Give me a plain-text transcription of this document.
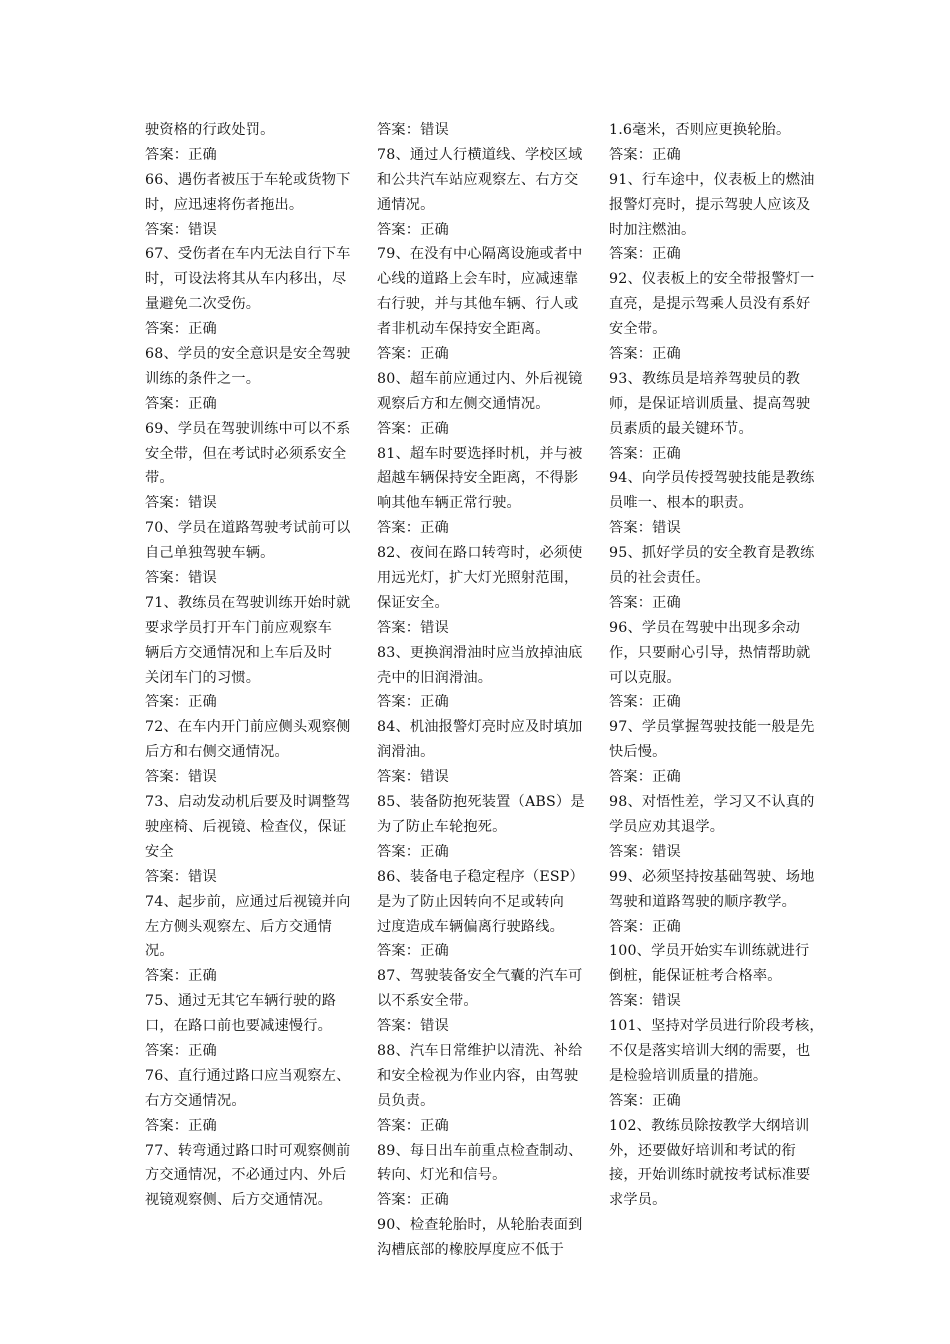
驶资格的行政处罚。
答案：正确
66、遇伤者被压于车轮或货物下
时，应迅速将伤者拖出。
答案：错误
67、受伤者在车内无法自行下车
时，可设法将其从车内移出，尽
量避免二次受伤。
答案：正确
68、学员的安全意识是安全驾驶
训练的条件之一。
答案：正确
69、学员在驾驶训练中可以不系
安全带，但在考试时必须系安全
带。
答案：错误
70、学员在道路驾驶考试前可以
自己单独驾驶车辆。
答案：错误
71、教练员在驾驶训练开始时就
要求学员打开车门前应观察车
辆后方交通情况和上车后及时
关闭车门的习惯。
答案：正确
72、在车内开门前应侧头观察侧
后方和右侧交通情况。
答案：错误
73、启动发动机后要及时调整驾
驶座椅、后视镜、检查仪，保证
安全
答案：错误
74、起步前，应通过后视镜并向
左方侧头观察左、后方交通情
况。
答案：正确
75、通过无其它车辆行驶的路
口，在路口前也要减速慢行。
答案：正确
76、直行通过路口应当观察左、
右方交通情况。
答案：正确
77、转弯通过路口时可观察侧前
方交通情况，不必通过内、外后
视镜观察侧、后方交通情况。
答案：错误
78、通过人行横道线、学校区域
和公共汽车站应观察左、右方交
通情况。
答案：正确
79、在没有中心隔离设施或者中
心线的道路上会车时，应减速靠
右行驶，并与其他车辆、行人或
者非机动车保持安全距离。
答案：正确
80、超车前应通过内、外后视镜
观察后方和左侧交通情况。
答案：正确
81、超车时要选择时机，并与被
超越车辆保持安全距离，不得影
响其他车辆正常行驶。
答案：正确
82、夜间在路口转弯时，必须使
用远光灯，扩大灯光照射范围，
保证安全。
答案：错误
83、更换润滑油时应当放掉油底
壳中的旧润滑油。
答案：正确
84、机油报警灯亮时应及时填加
润滑油。
答案：错误
85、装备防抱死装置（ABS）是
为了防止车轮抱死。
答案：正确
86、装备电子稳定程序（ESP）
是为了防止因转向不足或转向
过度造成车辆偏离行驶路线。
答案：正确
87、驾驶装备安全气囊的汽车可
以不系安全带。
答案：错误
88、汽车日常维护以清洗、补给
和安全检视为作业内容，由驾驶
员负责。
答案：正确
89、每日出车前重点检查制动、
转向、灯光和信号。
答案：正确
90、检查轮胎时，从轮胎表面到
沟槽底部的橡胶厚度应不低于
1.6毫米，否则应更换轮胎。
答案：正确
91、行车途中，仪表板上的燃油
报警灯亮时，提示驾驶人应该及
时加注燃油。
答案：正确
92、仪表板上的安全带报警灯一
直亮，是提示驾乘人员没有系好
安全带。
答案：正确
93、教练员是培养驾驶员的教
师，是保证培训质量、提高驾驶
员素质的最关键环节。
答案：正确
94、向学员传授驾驶技能是教练
员唯一、根本的职责。
答案：错误
95、抓好学员的安全教育是教练
员的社会责任。
答案：正确
96、学员在驾驶中出现多余动
作，只要耐心引导，热情帮助就
可以克服。
答案：正确
97、学员掌握驾驶技能一般是先
快后慢。
答案：正确
98、对悟性差，学习又不认真的
学员应劝其退学。
答案：错误
99、必须坚持按基础驾驶、场地
驾驶和道路驾驶的顺序教学。
答案：正确
100、学员开始实车训练就进行
倒桩，能保证桩考合格率。
答案：错误
101、坚持对学员进行阶段考核，
不仅是落实培训大纲的需要，也
是检验培训质量的措施。
答案：正确
102、教练员除按教学大纲培训
外，还要做好培训和考试的衔
接，开始训练时就按考试标准要
求学员。
